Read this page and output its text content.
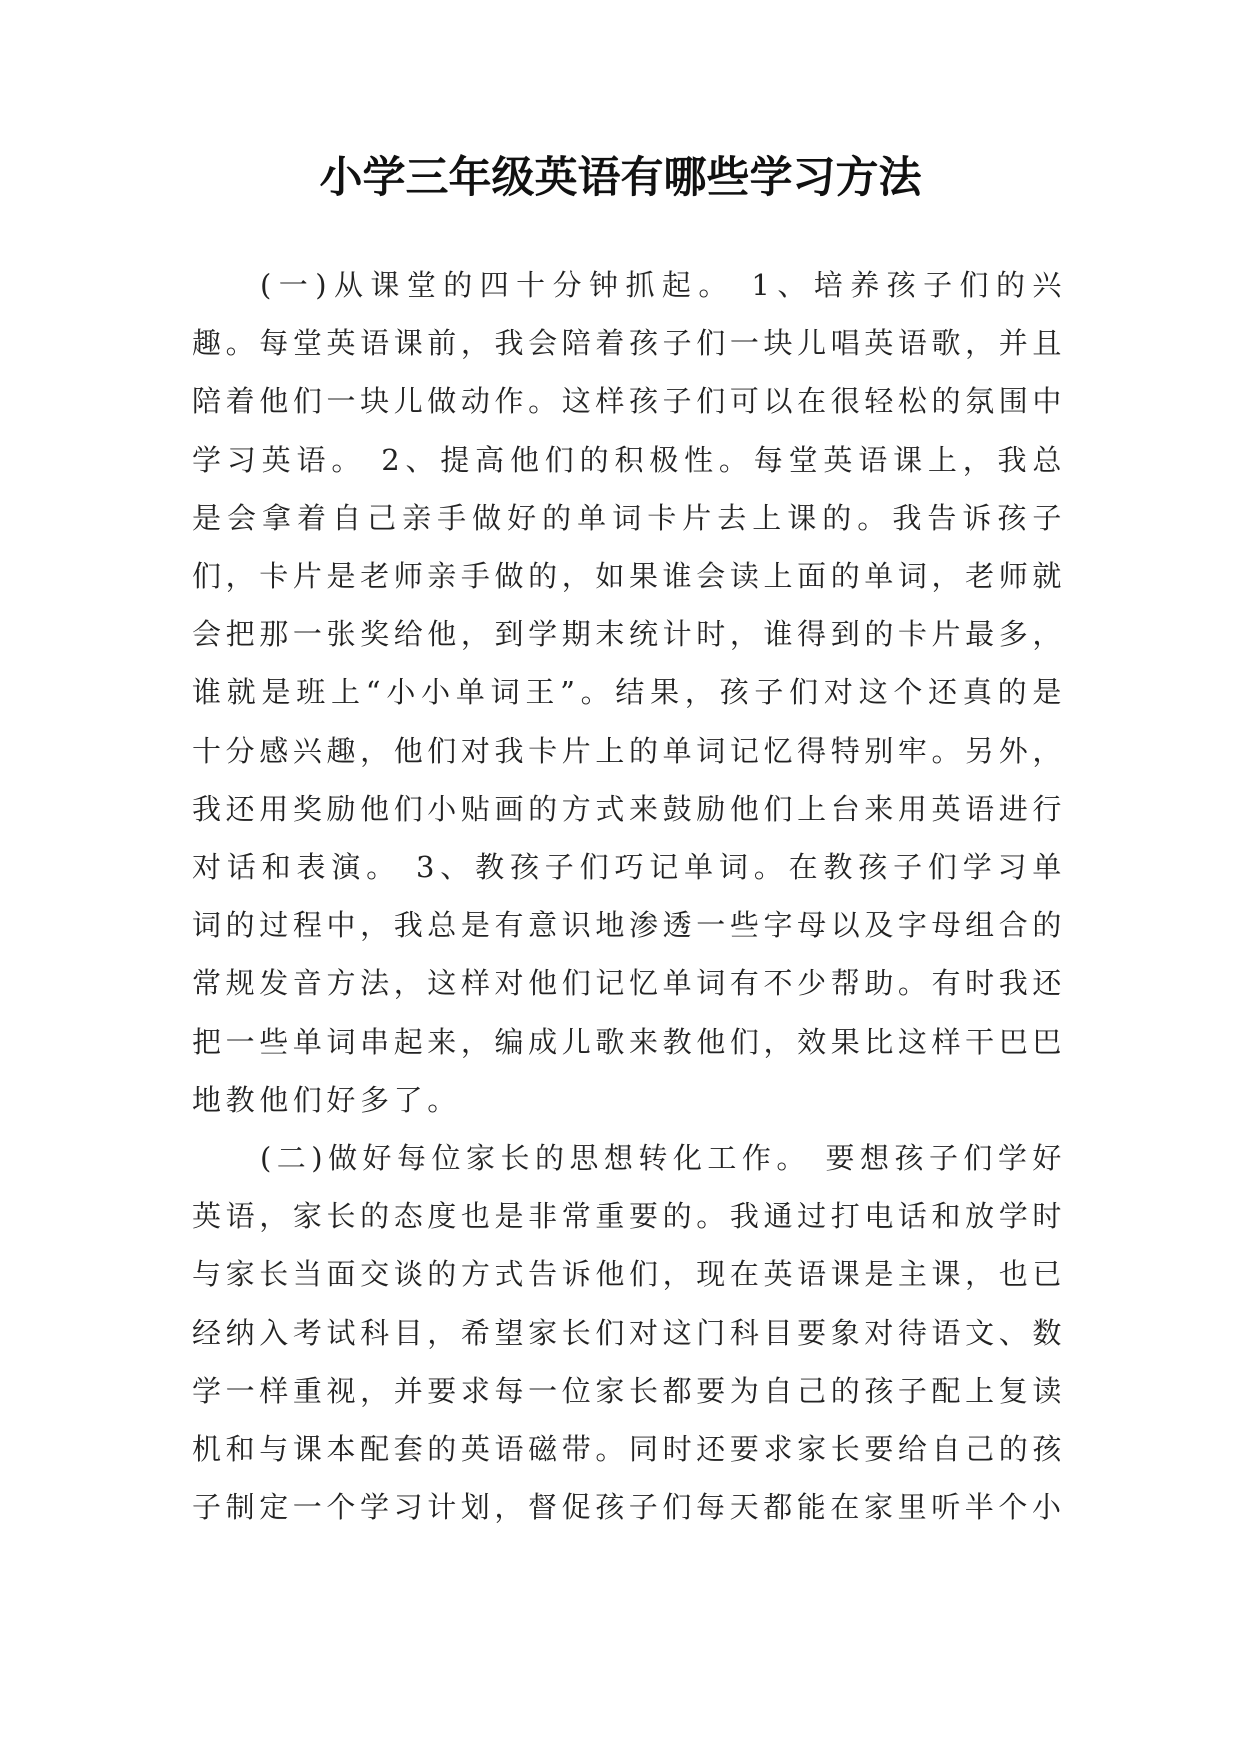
小学三年级英语有哪些学习方法

(一)从课堂的四十分钟抓起。 1、培养孩子们的兴趣。每堂英语课前，我会陪着孩子们一块儿唱英语歌，并且陪着他们一块儿做动作。这样孩子们可以在很轻松的氛围中学习英语。 2、提高他们的积极性。每堂英语课上，我总是会拿着自己亲手做好的单词卡片去上课的。我告诉孩子们，卡片是老师亲手做的，如果谁会读上面的单词，老师就会把那一张奖给他，到学期末统计时，谁得到的卡片最多，谁就是班上“小小单词王”。结果，孩子们对这个还真的是十分感兴趣，他们对我卡片上的单词记忆得特别牢。另外，我还用奖励他们小贴画的方式来鼓励他们上台来用英语进行对话和表演。 3、教孩子们巧记单词。在教孩子们学习单词的过程中，我总是有意识地渗透一些字母以及字母组合的常规发音方法，这样对他们记忆单词有不少帮助。有时我还把一些单词串起来，编成儿歌来教他们，效果比这样干巴巴地教他们好多了。

(二)做好每位家长的思想转化工作。 要想孩子们学好英语，家长的态度也是非常重要的。我通过打电话和放学时与家长当面交谈的方式告诉他们，现在英语课是主课，也已经纳入考试科目，希望家长们对这门科目要象对待语文、数学一样重视，并要求每一位家长都要为自己的孩子配上复读机和与课本配套的英语磁带。同时还要求家长要给自己的孩子制定一个学习计划，督促孩子们每天都能在家里听半个小
